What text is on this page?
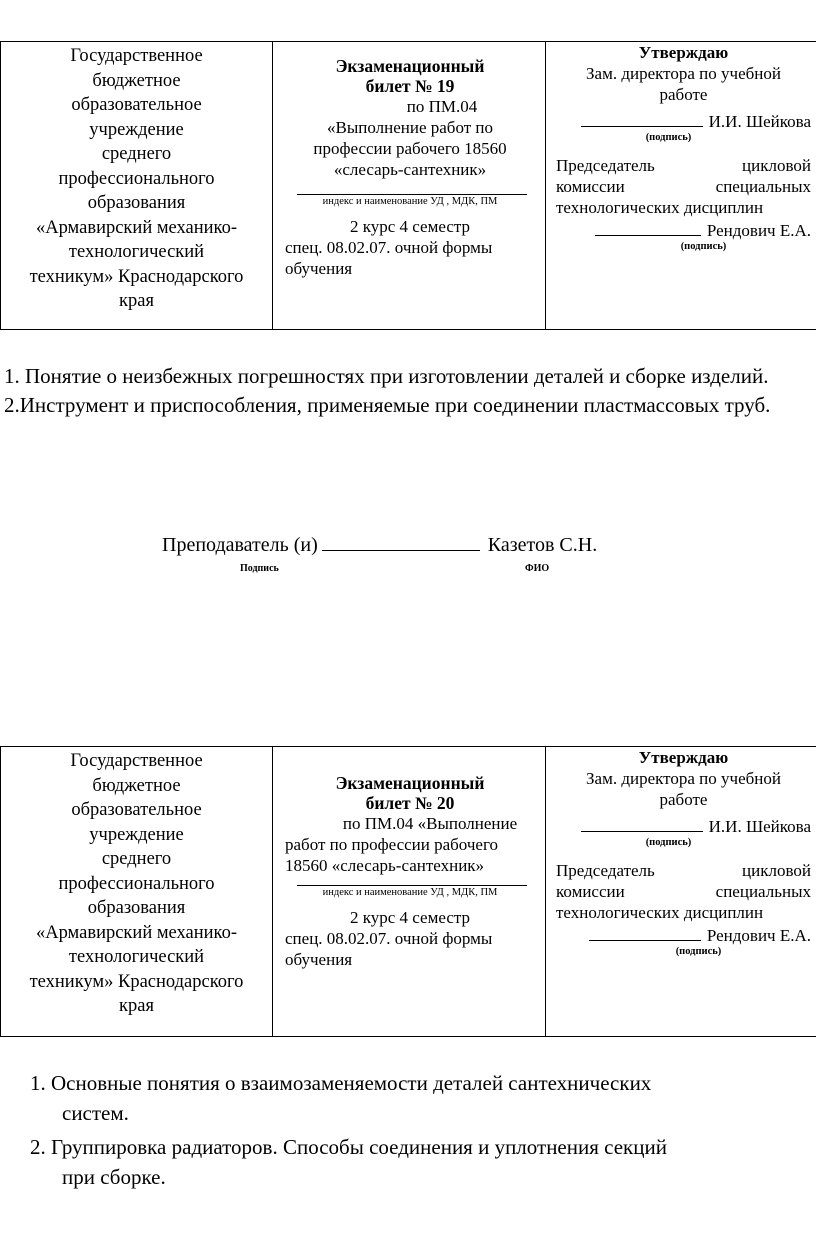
Государственное
бюджетное
образовательное
учреждение
среднего
профессионального
образования
«Армавирский механико-
технологический
техникум» Краснодарского
края

Экзаменационный
билет № 19
по ПМ.04
«Выполнение работ по
профессии рабочего 18560
«слесарь-сантехник»
индекс и наименование УД , МДК, ПМ
2 курс 4 семестр
спец. 08.02.07. очной формы
обучения

Утверждаю
Зам. директора по учебной
работе
И.И. Шейкова
(подпись)
Председатель цикловой
комиссии специальных
технологических дисциплин
Рендович Е.А.
(подпись)
1. Понятие о неизбежных погрешностях при изготовлении деталей и сборке изделий.
2.Инструмент и приспособления, применяемые при соединении пластмассовых труб.
Преподаватель (и)	Казетов С.Н.
Подпись	ФИО
Государственное
бюджетное
образовательное
учреждение
среднего
профессионального
образования
«Армавирский механико-
технологический
техникум» Краснодарского
края

Экзаменационный
билет № 20
по ПМ.04 «Выполнение
работ по профессии рабочего
18560 «слесарь-сантехник»
индекс и наименование УД , МДК, ПМ
2 курс 4 семестр
спец. 08.02.07. очной формы
обучения

Утверждаю
Зам. директора по учебной
работе
И.И. Шейкова
(подпись)
Председатель цикловой
комиссии специальных
технологических дисциплин
Рендович Е.А.
(подпись)
1. Основные понятия о взаимозаменяемости деталей сантехнических
систем.
2. Группировка радиаторов. Способы соединения и уплотнения секций
при сборке.
